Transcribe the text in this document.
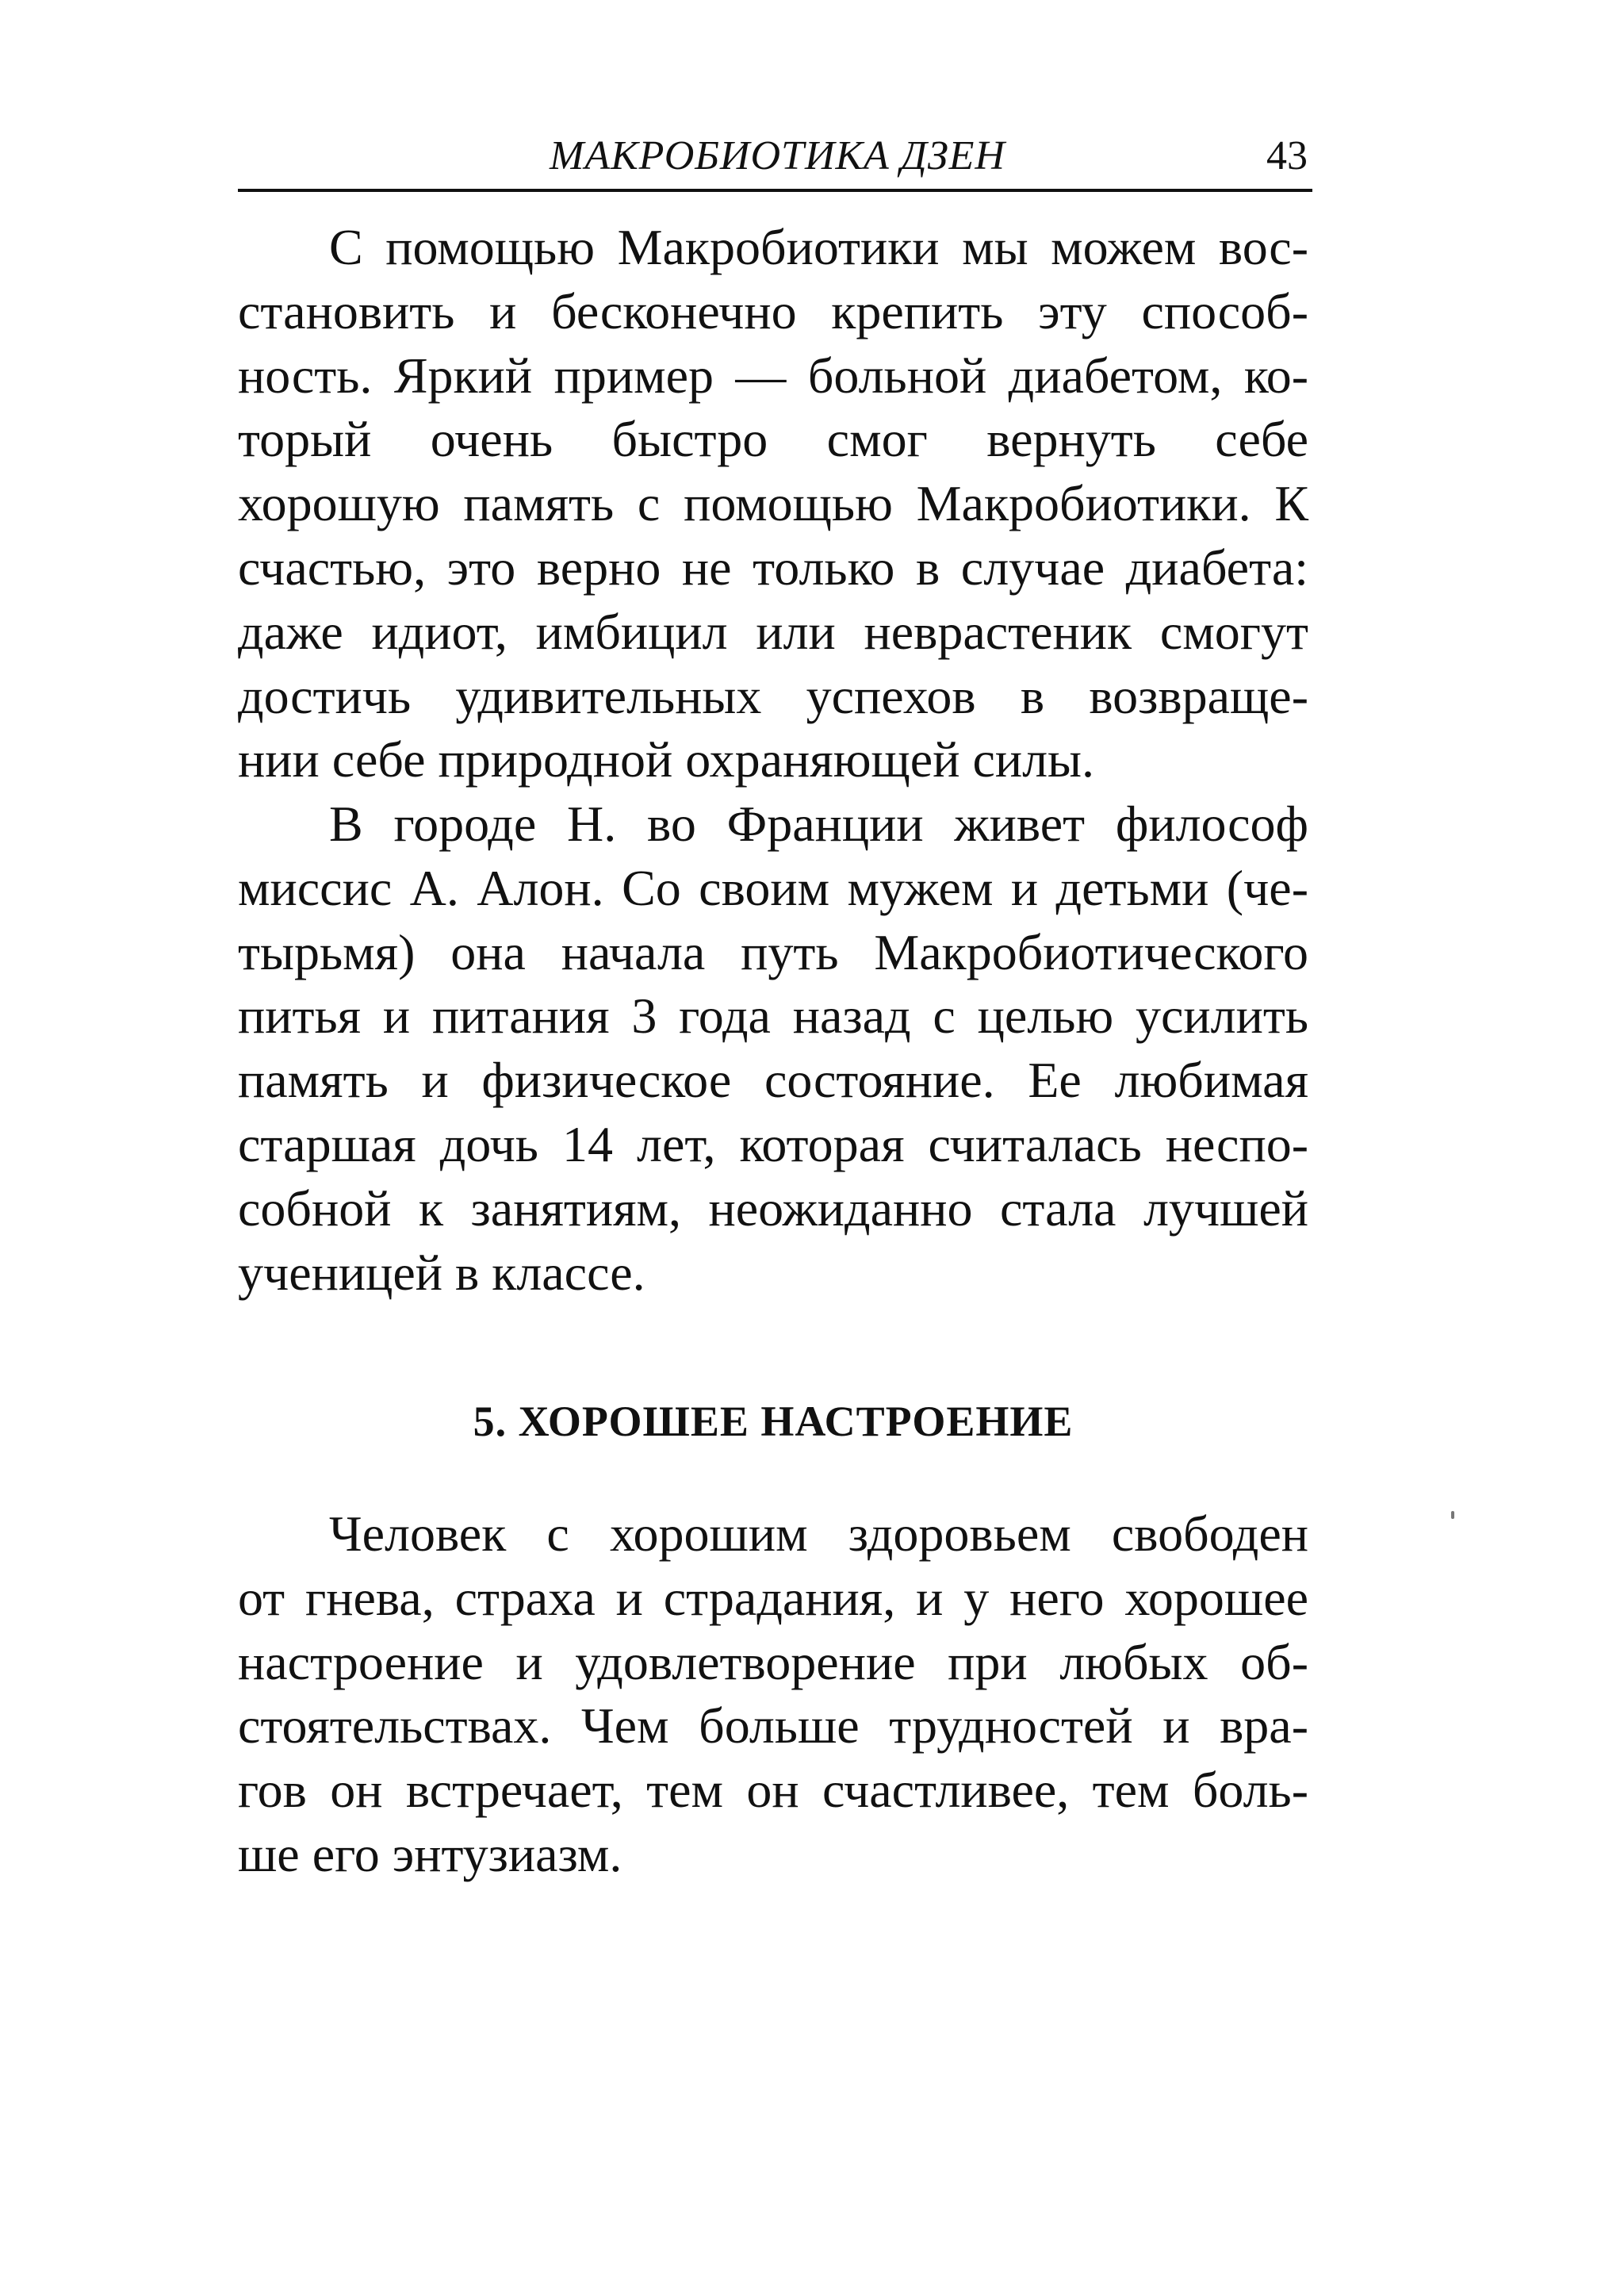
МАКРОБИОТИКА ДЗЕН	43
С помощью Макробиотики мы можем вос-
становить и бесконечно крепить эту способ-
ность. Яркий пример — больной диабетом, ко-
торый очень быстро смог вернуть себе
хорошую память с помощью Макробиотики. К
счастью, это верно не только в случае диабета:
даже идиот, имбицил или неврастеник смогут
достичь удивительных успехов в возвраще-
нии себе природной охраняющей силы.
В городе Н. во Франции живет философ
миссис А. Алон. Со своим мужем и детьми (че-
тырьмя) она начала путь Макробиотического
питья и питания 3 года назад с целью усилить
память и физическое состояние. Ее любимая
старшая дочь 14 лет, которая считалась неспо-
собной к занятиям, неожиданно стала лучшей
ученицей в классе.
5. ХОРОШЕЕ НАСТРОЕНИЕ
Человек с хорошим здоровьем свободен
от гнева, страха и страдания, и у него хорошее
настроение и удовлетворение при любых об-
стоятельствах. Чем больше трудностей и вра-
гов он встречает, тем он счастливее, тем боль-
ше его энтузиазм.
